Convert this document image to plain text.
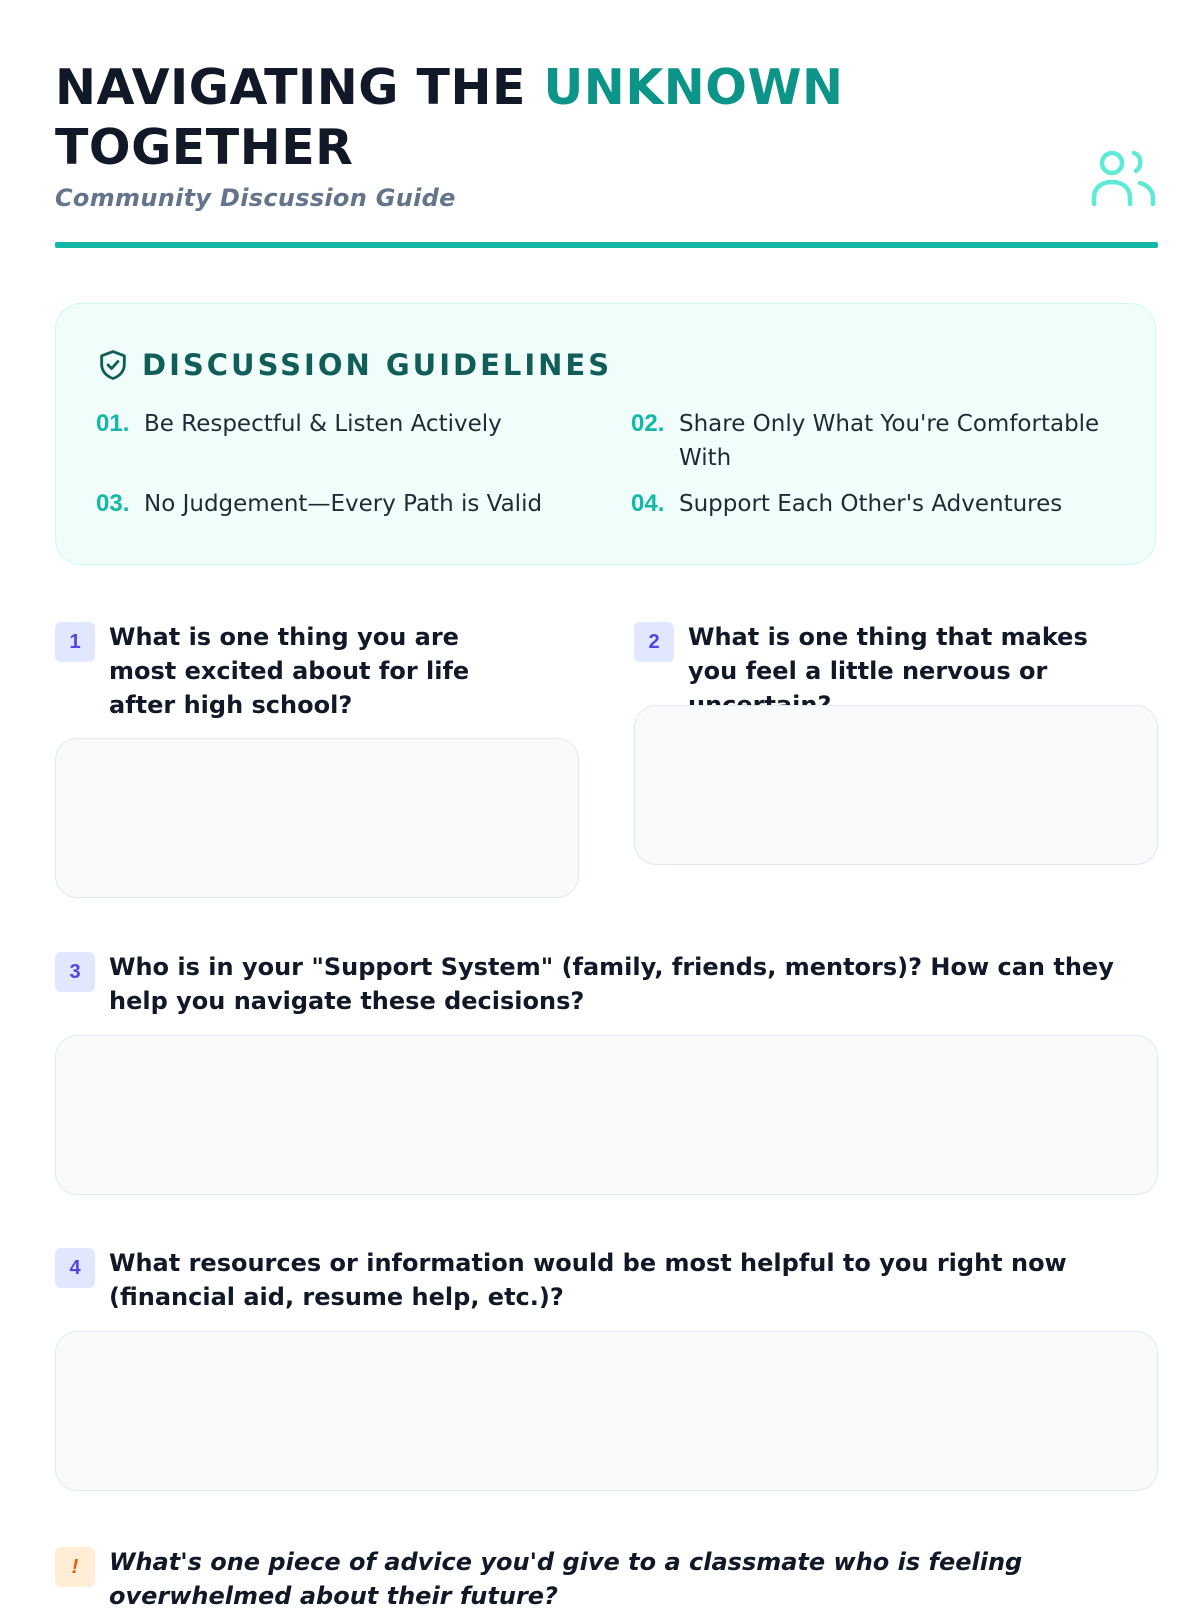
NAVIGATING THE UNKNOWN TOGETHER
Community Discussion Guide
DISCUSSION GUIDELINES
01. Be Respectful & Listen Actively	02. Share Only What You're Comfortable With
03. No Judgement—Every Path is Valid	04. Support Each Other's Adventures
1	What is one thing you are most excited about for life after high school?
2	What is one thing that makes you feel a little nervous or
3	Who is in your "Support System" (family, friends, mentors)? How can they help you navigate these decisions?
4	What resources or information would be most helpful to you right now (financial aid, resume help, etc.)?
!	What's one piece of advice you'd give to a classmate who is feeling overwhelmed about their future?
